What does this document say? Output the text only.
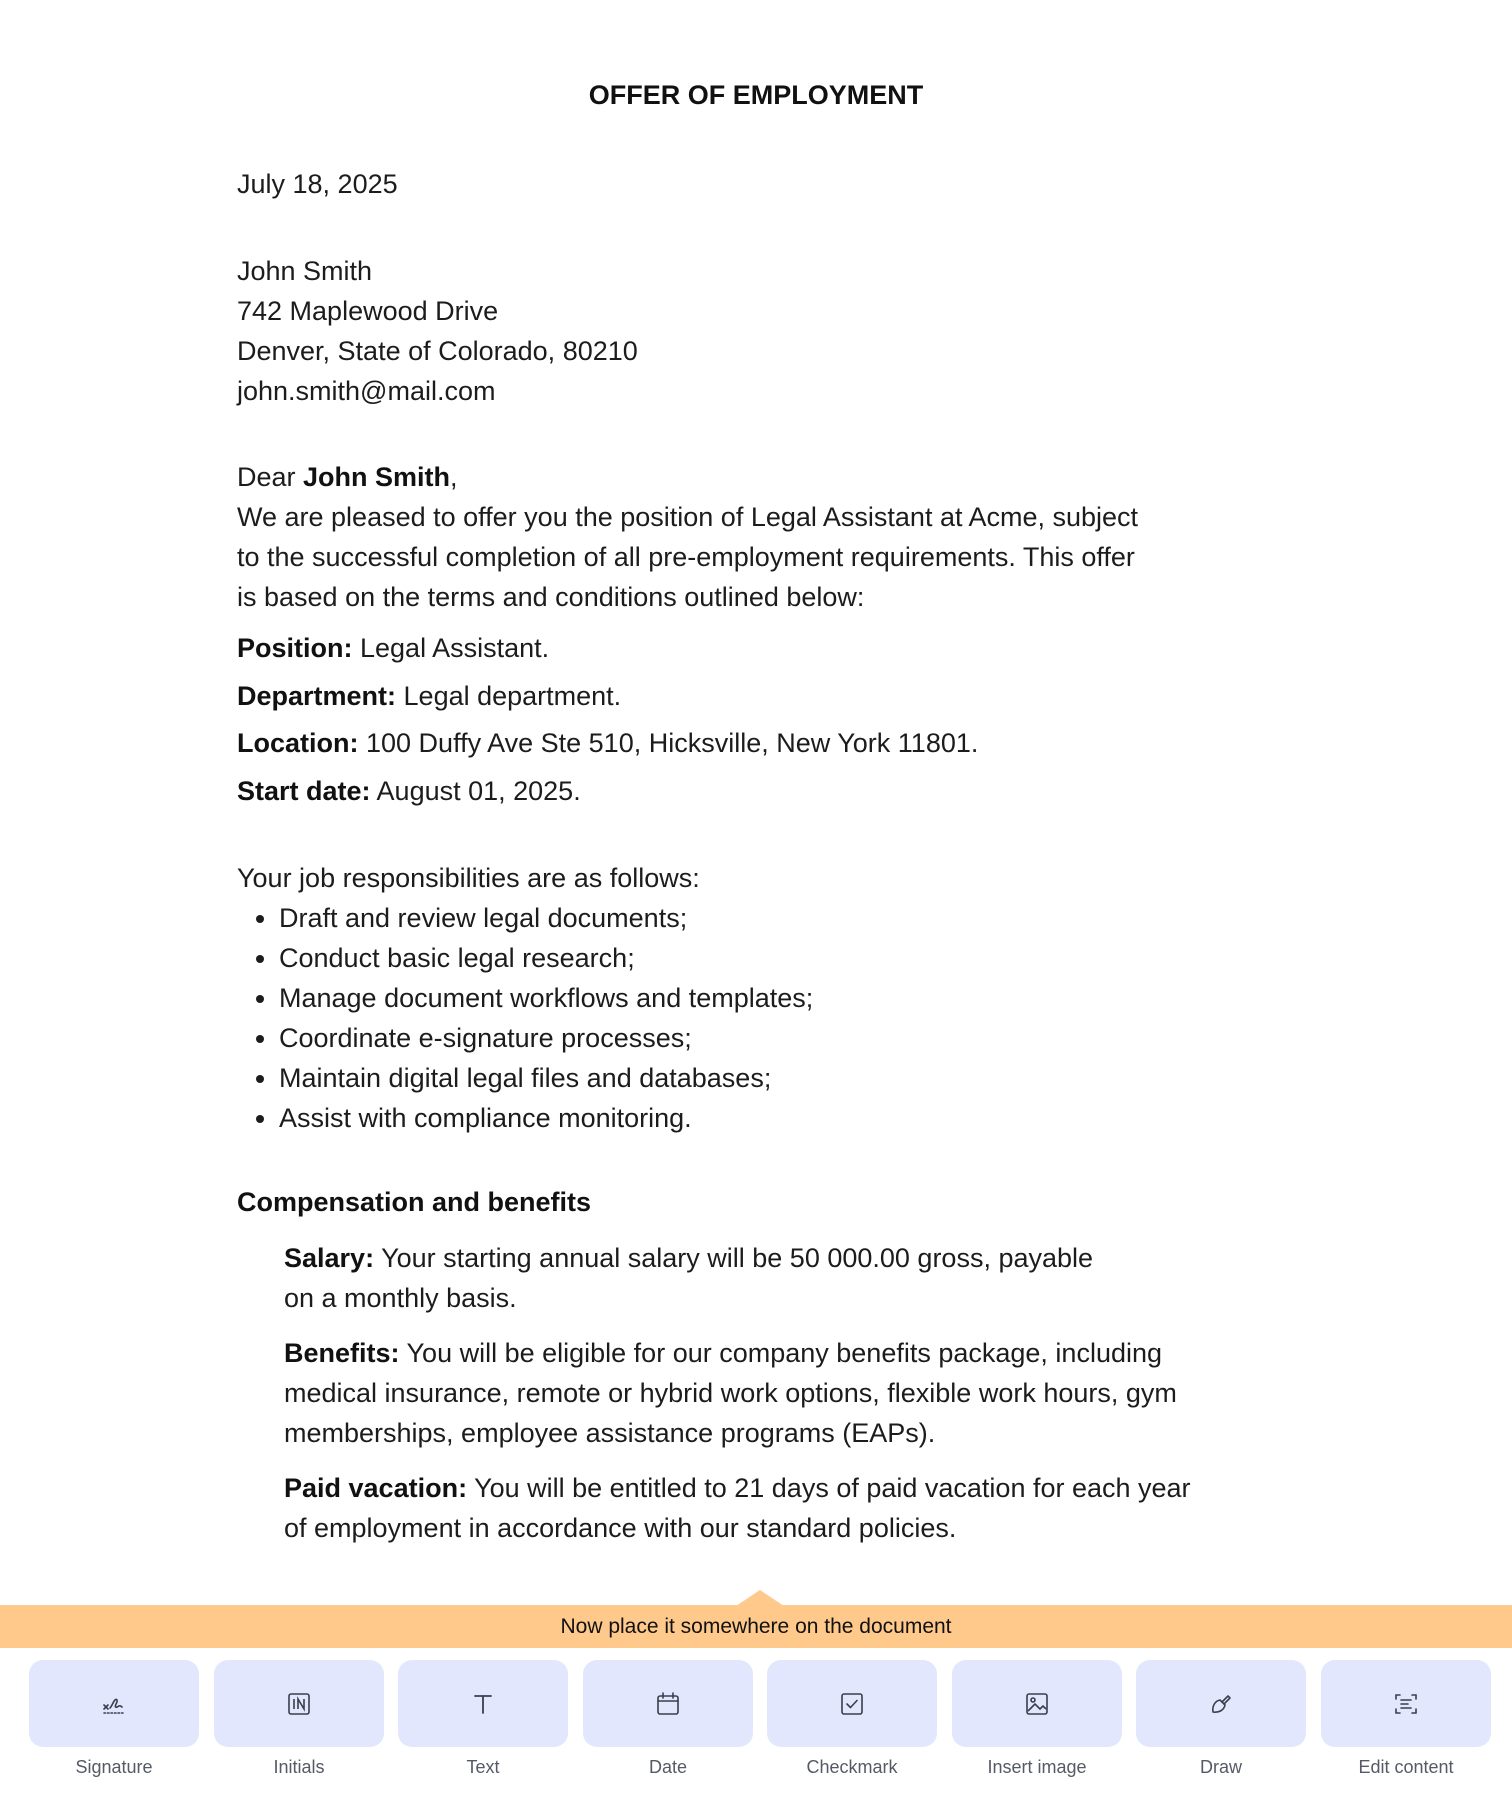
OFFER OF EMPLOYMENT
July 18, 2025
John Smith
742 Maplewood Drive
Denver, State of Colorado, 80210
john.smith@mail.com
Dear John Smith,
We are pleased to offer you the position of Legal Assistant at Acme, subject
to the successful completion of all pre-employment requirements. This offer
is based on the terms and conditions outlined below:
Position: Legal Assistant.
Department: Legal department.
Location: 100 Duffy Ave Ste 510, Hicksville, New York 11801.
Start date: August 01, 2025.
Your job responsibilities are as follows:
• Draft and review legal documents;
• Conduct basic legal research;
• Manage document workflows and templates;
• Coordinate e-signature processes;
• Maintain digital legal files and databases;
• Assist with compliance monitoring.
Compensation and benefits
Salary: Your starting annual salary will be 50 000.00 gross, payable
on a monthly basis.
Benefits: You will be eligible for our company benefits package, including
medical insurance, remote or hybrid work options, flexible work hours, gym
memberships, employee assistance programs (EAPs).
Paid vacation: You will be entitled to 21 days of paid vacation for each year
of employment in accordance with our standard policies.
Now place it somewhere on the document
Signature	Initials	Text	Date	Checkmark	Insert image	Draw	Edit content
